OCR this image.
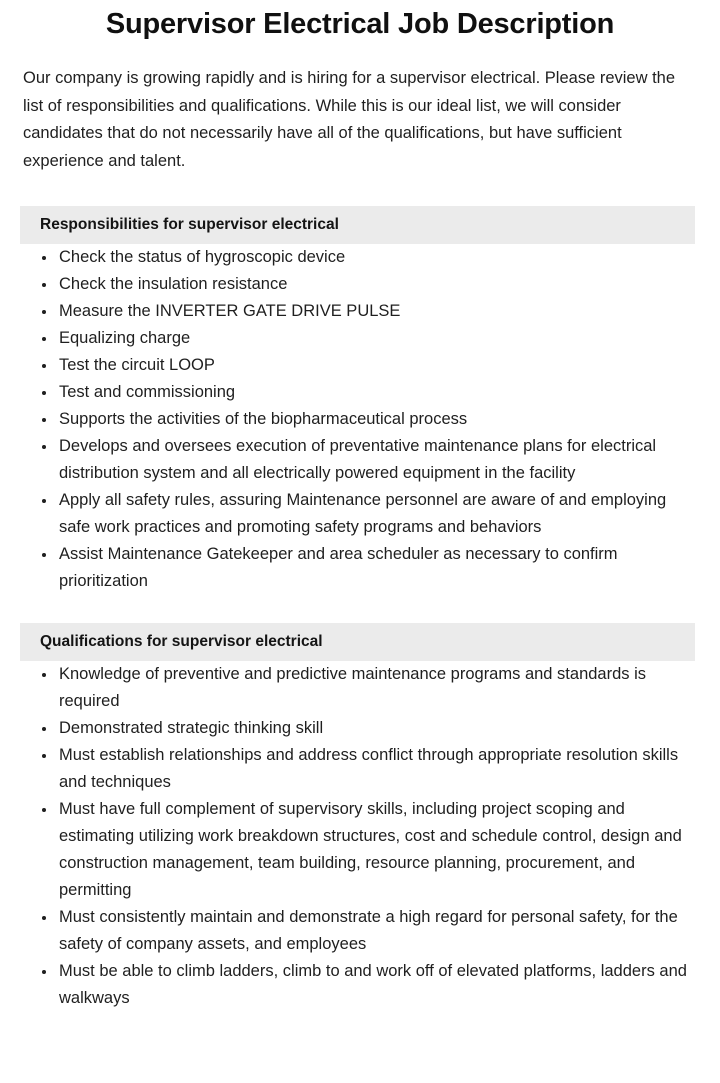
Supervisor Electrical Job Description

Our company is growing rapidly and is hiring for a supervisor electrical. Please review the list of responsibilities and qualifications. While this is our ideal list, we will consider candidates that do not necessarily have all of the qualifications, but have sufficient experience and talent.

Responsibilities for supervisor electrical
Check the status of hygroscopic device
Check the insulation resistance
Measure the INVERTER GATE DRIVE PULSE
Equalizing charge
Test the circuit LOOP
Test and commissioning
Supports the activities of the biopharmaceutical process
Develops and oversees execution of preventative maintenance plans for electrical distribution system and all electrically powered equipment in the facility
Apply all safety rules, assuring Maintenance personnel are aware of and employing safe work practices and promoting safety programs and behaviors
Assist Maintenance Gatekeeper and area scheduler as necessary to confirm prioritization
Qualifications for supervisor electrical
Knowledge of preventive and predictive maintenance programs and standards is required
Demonstrated strategic thinking skill
Must establish relationships and address conflict through appropriate resolution skills and techniques
Must have full complement of supervisory skills, including project scoping and estimating utilizing work breakdown structures, cost and schedule control, design and construction management, team building, resource planning, procurement, and permitting
Must consistently maintain and demonstrate a high regard for personal safety, for the safety of company assets, and employees
Must be able to climb ladders, climb to and work off of elevated platforms, ladders and walkways
